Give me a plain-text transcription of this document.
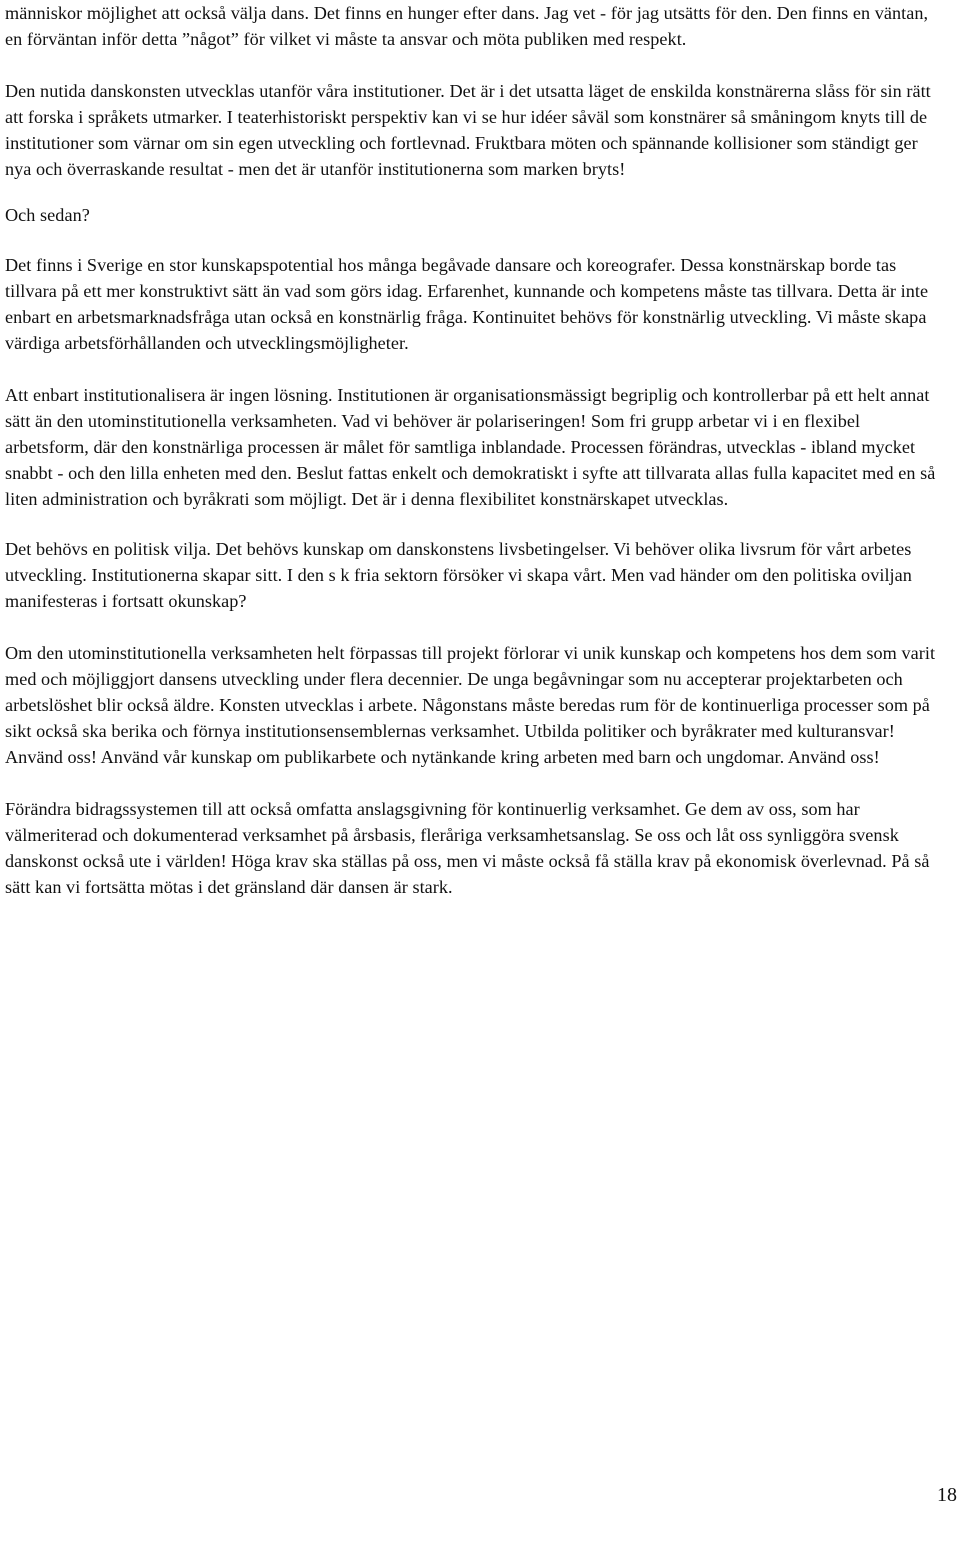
människor möjlighet att också välja dans. Det finns en hunger efter dans. Jag vet - för jag utsätts för den. Den finns en väntan, en förväntan inför detta ”något” för vilket vi måste ta ansvar och möta publiken med respekt.

Den nutida danskonsten utvecklas utanför våra institutioner. Det är i det utsatta läget de enskilda konstnärerna slåss för sin rätt att forska i språkets utmarker. I teaterhistoriskt perspektiv kan vi se hur idéer såväl som konstnärer så småningom knyts till de institutioner som värnar om sin egen utveckling och fortlevnad. Fruktbara möten och spännande kollisioner som ständigt ger nya och överraskande resultat - men det är utanför institutionerna som marken bryts!

Och sedan?

Det finns i Sverige en stor kunskapspotential hos många begåvade dansare och koreografer. Dessa konstnärskap borde tas tillvara på ett mer konstruktivt sätt än vad som görs idag. Erfarenhet, kunnande och kompetens måste tas tillvara. Detta är inte enbart en arbetsmarknadsfråga utan också en konstnärlig fråga. Kontinuitet behövs för konstnärlig utveckling. Vi måste skapa värdiga arbetsförhållanden och utvecklingsmöjligheter.

Att enbart institutionalisera är ingen lösning. Institutionen är organisationsmässigt begriplig och kontrollerbar på ett helt annat sätt än den utominstitutionella verksamheten. Vad vi behöver är polariseringen! Som fri grupp arbetar vi i en flexibel arbetsform, där den konstnärliga processen är målet för samtliga inblandade. Processen förändras, utvecklas - ibland mycket snabbt - och den lilla enheten med den. Beslut fattas enkelt och demokratiskt i syfte att tillvarata allas fulla kapacitet med en så liten administration och byråkrati som möjligt. Det är i denna flexibilitet konstnärskapet utvecklas.

Det behövs en politisk vilja. Det behövs kunskap om danskonstens livsbetingelser. Vi behöver olika livsrum för vårt arbetes utveckling. Institutionerna skapar sitt. I den s k fria sektorn försöker vi skapa vårt. Men vad händer om den politiska oviljan manifesteras i fortsatt okunskap?

Om den utominstitutionella verksamheten helt förpassas till projekt förlorar vi unik kunskap och kompetens hos dem som varit med och möjliggjort dansens utveckling under flera decennier. De unga begåvningar som nu accepterar projektarbeten och arbetslöshet blir också äldre. Konsten utvecklas i arbete. Någonstans måste beredas rum för de kontinuerliga processer som på sikt också ska berika och förnya institutionsensemblernas verksamhet. Utbilda politiker och byråkrater med kulturansvar! Använd oss! Använd vår kunskap om publikarbete och nytänkande kring arbeten med barn och ungdomar. Använd oss!

Förändra bidragssystemen till att också omfatta anslagsgivning för kontinuerlig verksamhet. Ge dem av oss, som har välmeriterad och dokumenterad verksamhet på årsbasis, fleråriga verksamhetsanslag. Se oss och låt oss synliggöra svensk danskonst också ute i världen! Höga krav ska ställas på oss, men vi måste också få ställa krav på ekonomisk överlevnad. På så sätt kan vi fortsätta mötas i det gränsland där dansen är stark.

18
